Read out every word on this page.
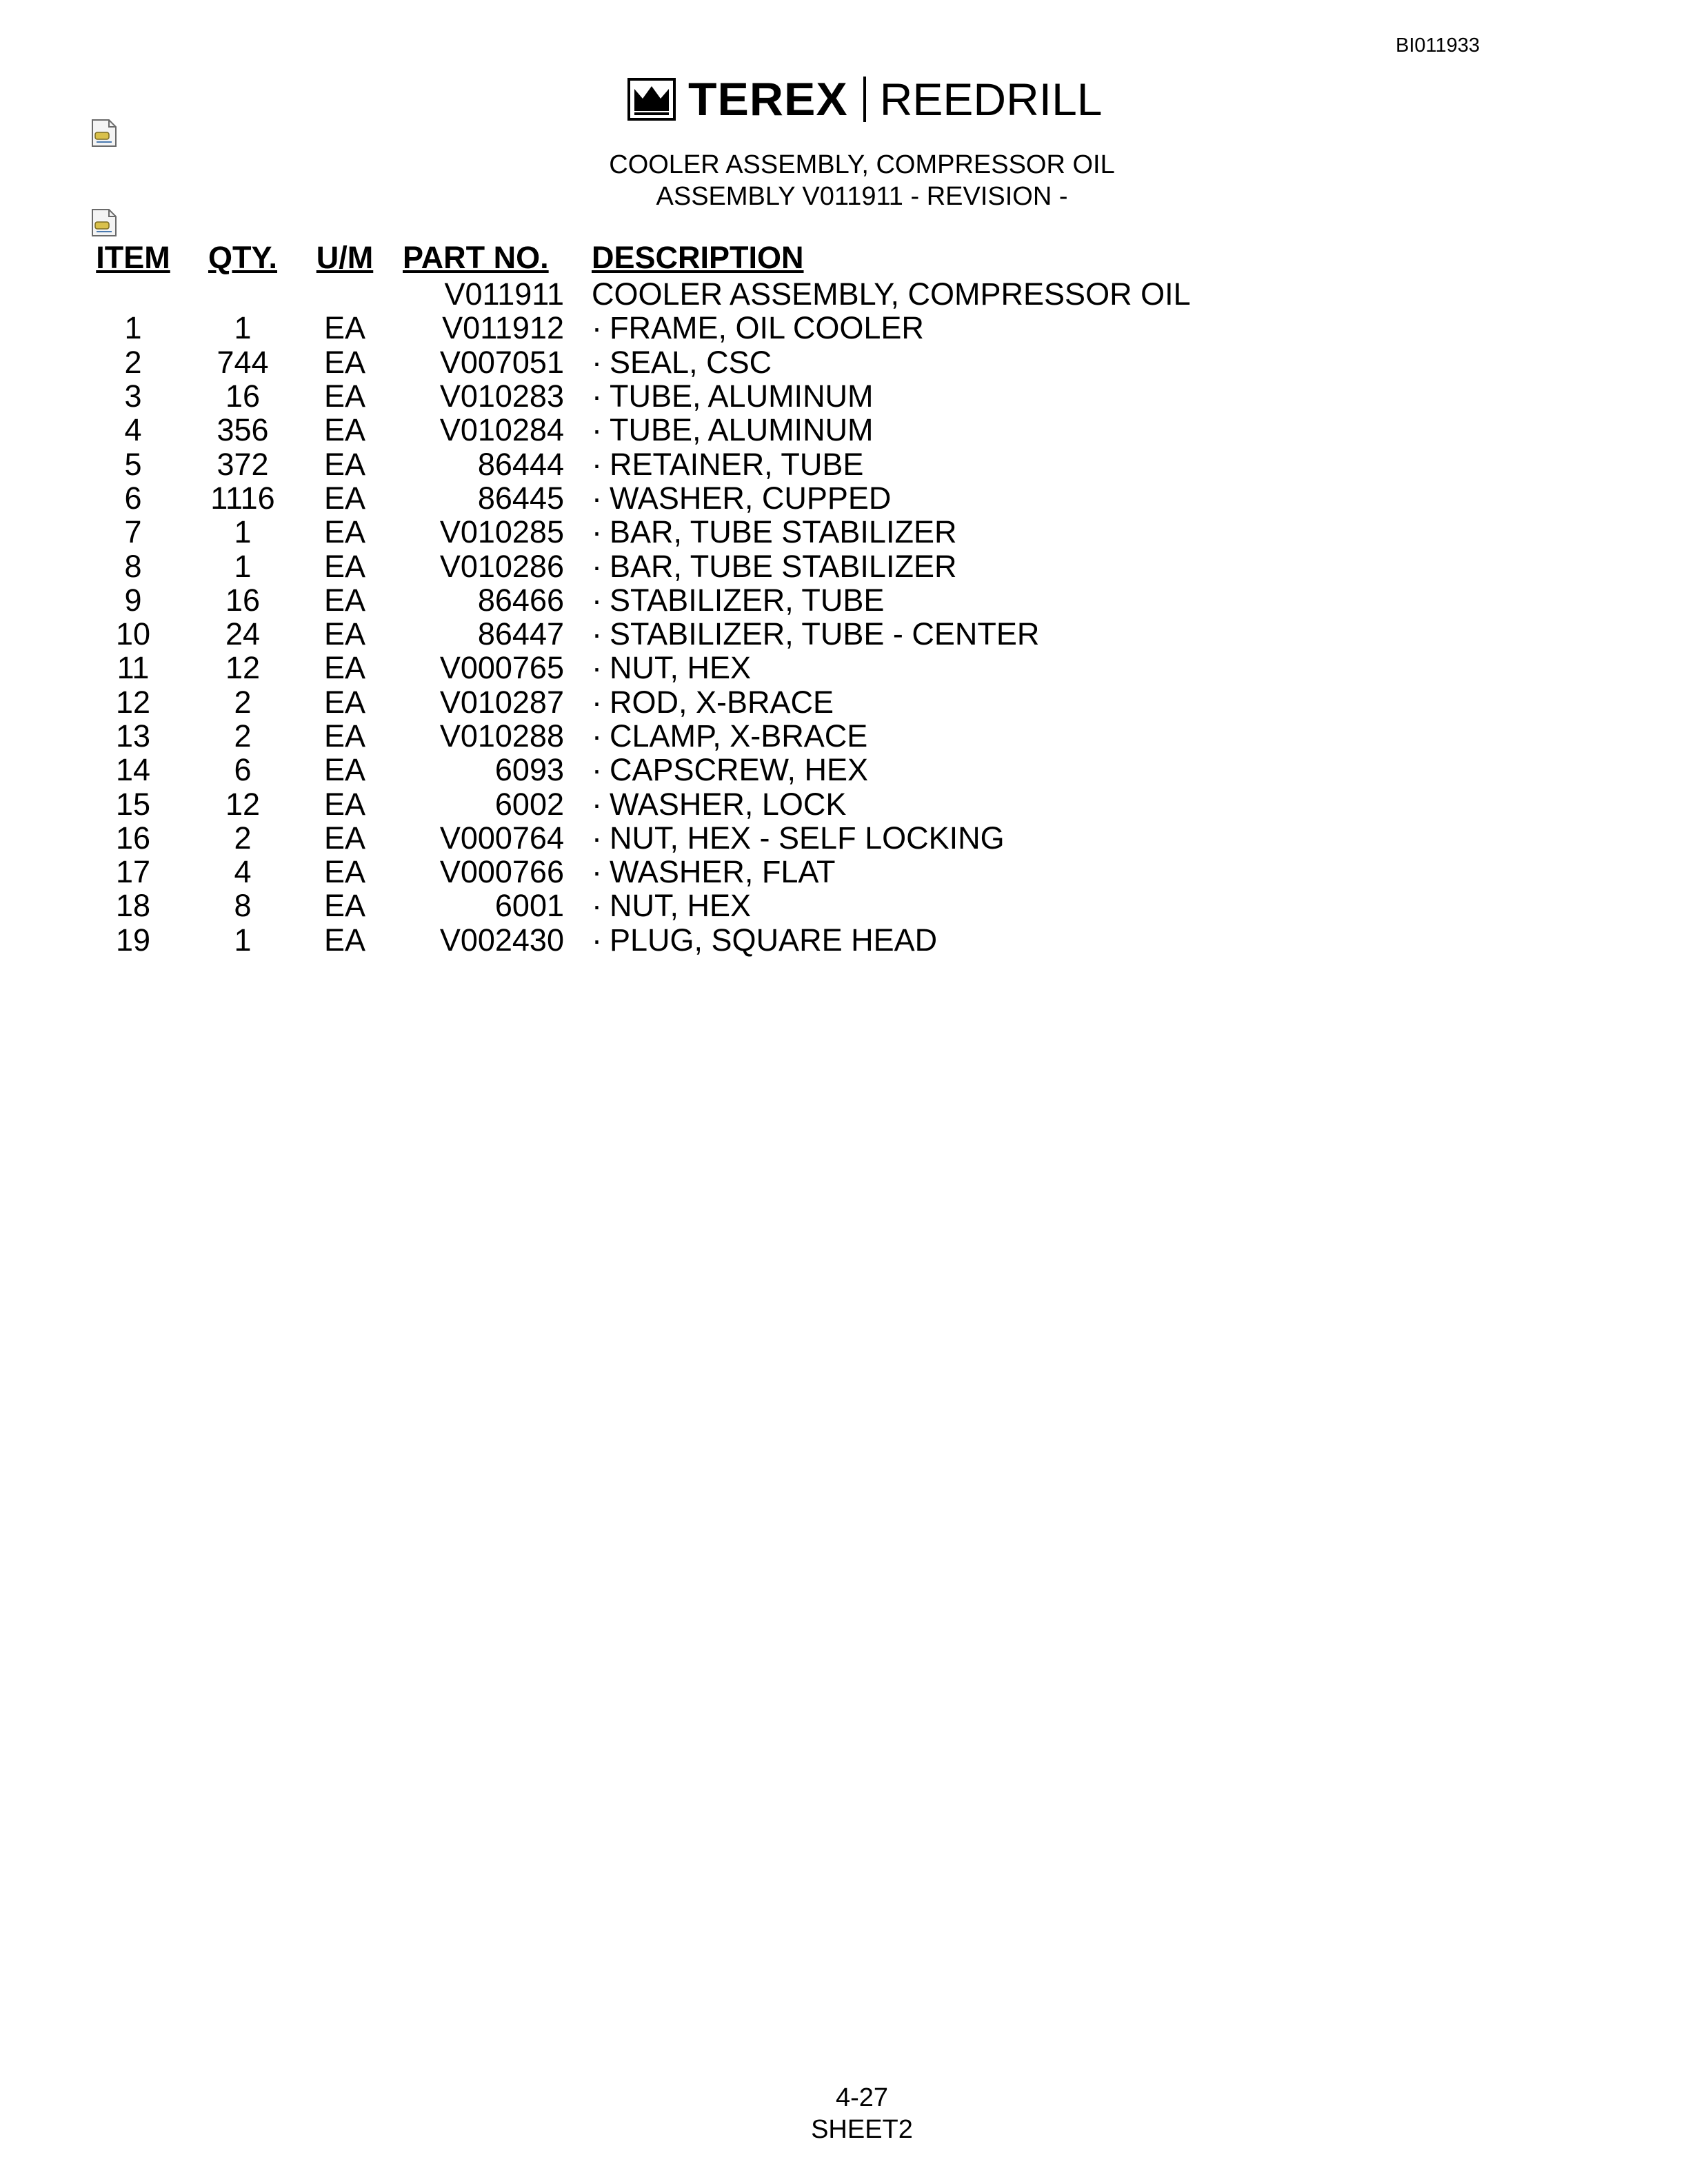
BI011933
TEREX REEDRILL
COOLER ASSEMBLY, COMPRESSOR OIL
ASSEMBLY V011911 - REVISION -
ITEM	QTY.	U/M	PART NO.	DESCRIPTION
			V011911	COOLER ASSEMBLY, COMPRESSOR OIL
1	1	EA	V011912	· FRAME, OIL COOLER
2	744	EA	V007051	· SEAL, CSC
3	16	EA	V010283	· TUBE, ALUMINUM
4	356	EA	V010284	· TUBE, ALUMINUM
5	372	EA	86444	· RETAINER, TUBE
6	1116	EA	86445	· WASHER, CUPPED
7	1	EA	V010285	· BAR, TUBE STABILIZER
8	1	EA	V010286	· BAR, TUBE STABILIZER
9	16	EA	86466	· STABILIZER, TUBE
10	24	EA	86447	· STABILIZER, TUBE - CENTER
11	12	EA	V000765	· NUT, HEX
12	2	EA	V010287	· ROD, X-BRACE
13	2	EA	V010288	· CLAMP, X-BRACE
14	6	EA	6093	· CAPSCREW, HEX
15	12	EA	6002	· WASHER, LOCK
16	2	EA	V000764	· NUT, HEX - SELF LOCKING
17	4	EA	V000766	· WASHER, FLAT
18	8	EA	6001	· NUT, HEX
19	1	EA	V002430	· PLUG, SQUARE HEAD
4-27
SHEET2
